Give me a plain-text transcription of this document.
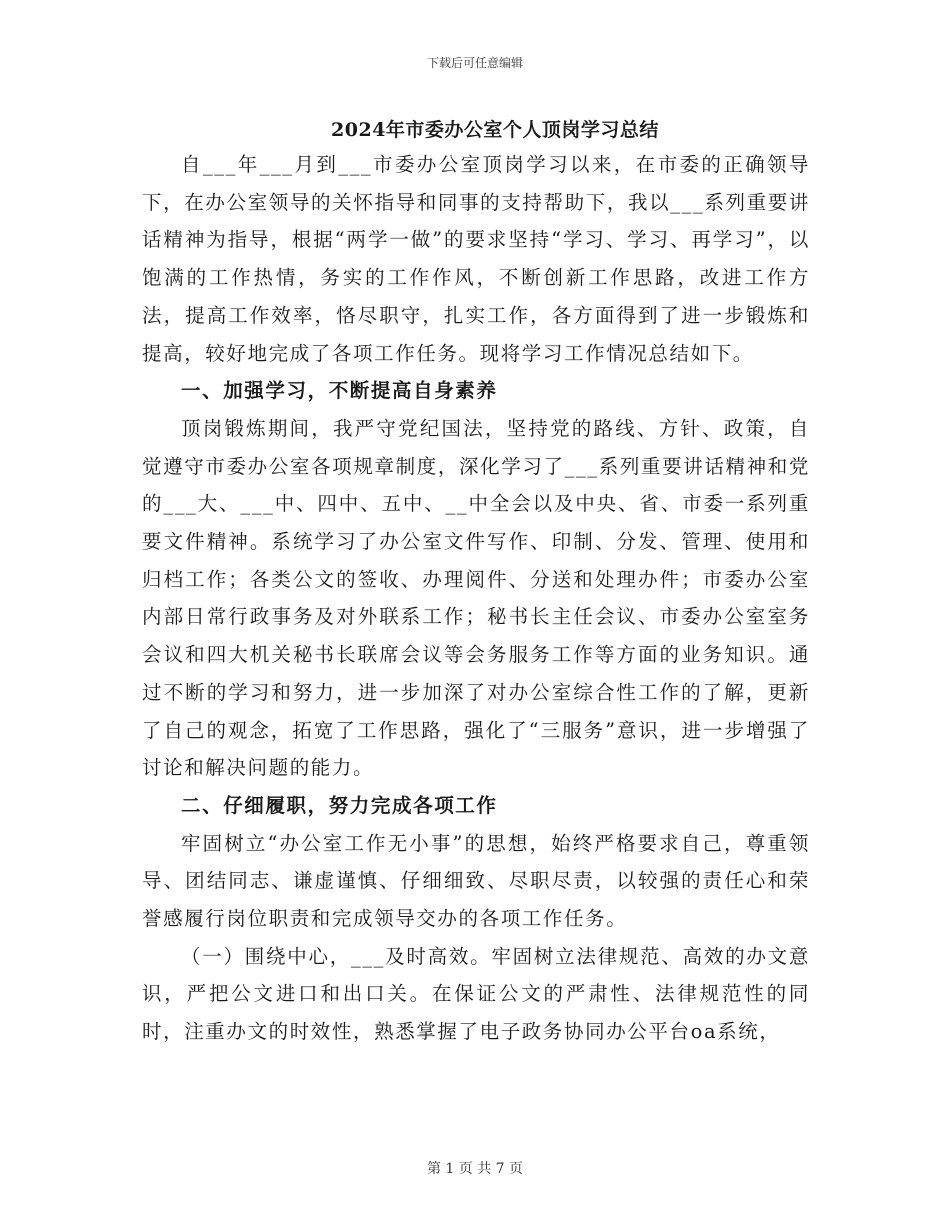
下载后可任意编辑
2024年市委办公室个人顶岗学习总结

自___年___月到___市委办公室顶岗学习以来，在市委的正确领导下，在办公室领导的关怀指导和同事的支持帮助下，我以___系列重要讲话精神为指导，根据“两学一做”的要求坚持“学习、学习、再学习”，以饱满的工作热情，务实的工作作风，不断创新工作思路，改进工作方法，提高工作效率，恪尽职守，扎实工作，各方面得到了进一步锻炼和提高，较好地完成了各项工作任务。现将学习工作情况总结如下。

一、加强学习，不断提高自身素养

顶岗锻炼期间，我严守党纪国法，坚持党的路线、方针、政策，自觉遵守市委办公室各项规章制度，深化学习了___系列重要讲话精神和党的___大、___中、四中、五中、__中全会以及中央、省、市委一系列重要文件精神。系统学习了办公室文件写作、印制、分发、管理、使用和归档工作；各类公文的签收、办理阅件、分送和处理办件；市委办公室内部日常行政事务及对外联系工作；秘书长主任会议、市委办公室室务会议和四大机关秘书长联席会议等会务服务工作等方面的业务知识。通过不断的学习和努力，进一步加深了对办公室综合性工作的了解，更新了自己的观念，拓宽了工作思路，强化了“三服务”意识，进一步增强了讨论和解决问题的能力。

二、仔细履职，努力完成各项工作

牢固树立“办公室工作无小事”的思想，始终严格要求自己，尊重领导、团结同志、谦虚谨慎、仔细细致、尽职尽责，以较强的责任心和荣誉感履行岗位职责和完成领导交办的各项工作任务。

（一）围绕中心，___及时高效。牢固树立法律规范、高效的办文意识，严把公文进口和出口关。在保证公文的严肃性、法律规范性的同时，注重办文的时效性，熟悉掌握了电子政务协同办公平台oa系统，

第 1 页 共 7 页
